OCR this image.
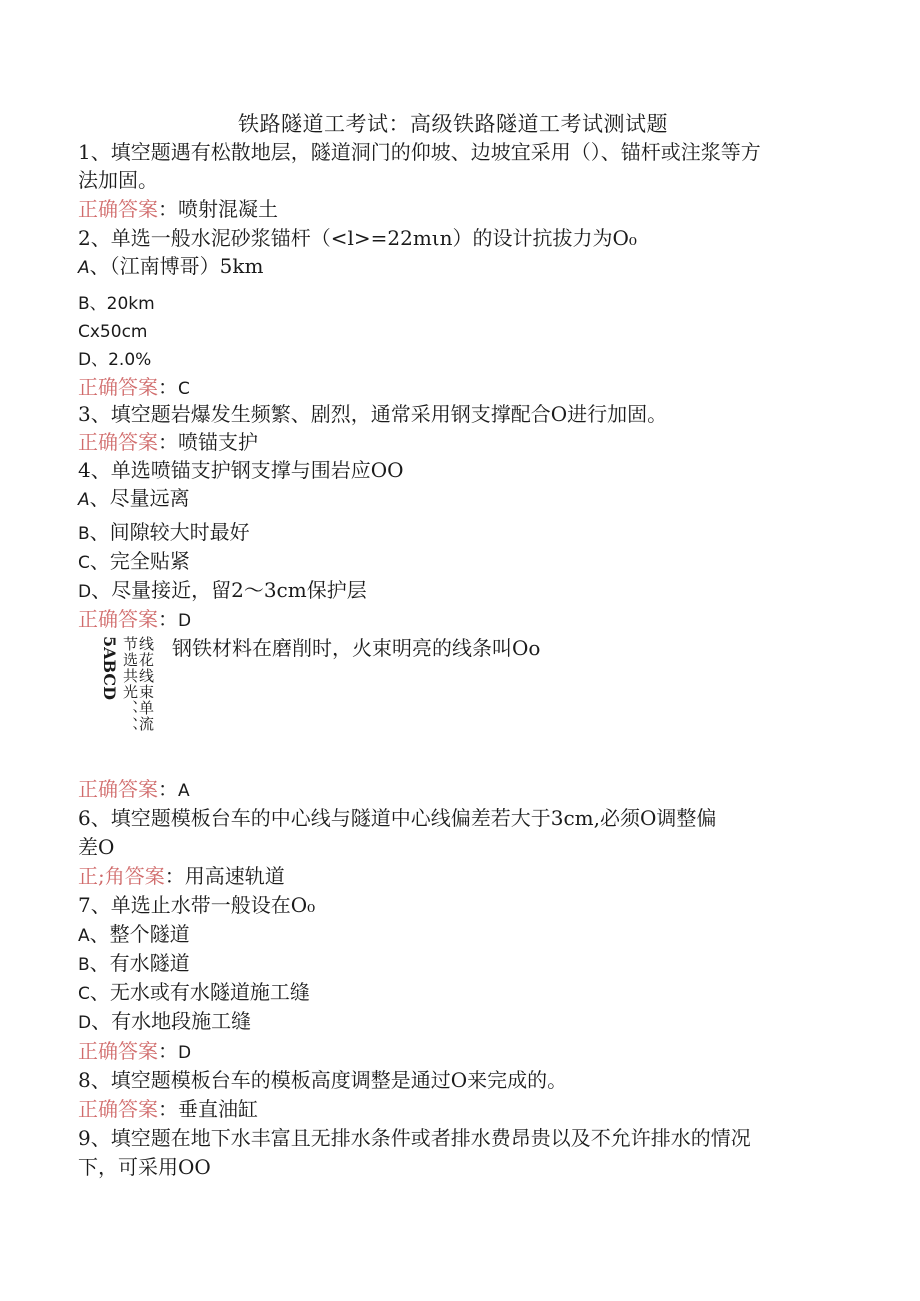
铁路隧道工考试：高级铁路隧道工考试测试题
1、填空题遇有松散地层，隧道洞门的仰坡、边坡宜采用（）、锚杆或注浆等方
法加固。
正确答案：喷射混凝土
2、单选一般水泥砂浆锚杆（<l>=22mιn）的设计抗拔力为O₀
A、（江南博哥）5km
B、20km
Cx50cm
D、2.0%
正确答案：C
3、填空题岩爆发生频繁、剧烈，通常采用钢支撑配合O进行加固。
正确答案：喷锚支护
4、单选喷锚支护钢支撑与围岩应OO
A、尽量远离
B、间隙较大时最好
C、完全贴紧
D、尽量接近，留2〜3cm保护层
正确答案：D
5ABCD 节选共光、、、、
线花线束单流 钢铁材料在磨削时，火束明亮的线条叫Oo
正确答案：A
6、填空题模板台车的中心线与隧道中心线偏差若大于3cm,必须O调整偏
差O
正;角答案：用高速轨道
7、单选止水带一般设在O₀
A、整个隧道
B、有水隧道
C、无水或有水隧道施工缝
D、有水地段施工缝
正确答案：D
8、填空题模板台车的模板高度调整是通过O来完成的。
正确答案：垂直油缸
9、填空题在地下水丰富且无排水条件或者排水费昂贵以及不允许排水的情况
下，可采用OO
